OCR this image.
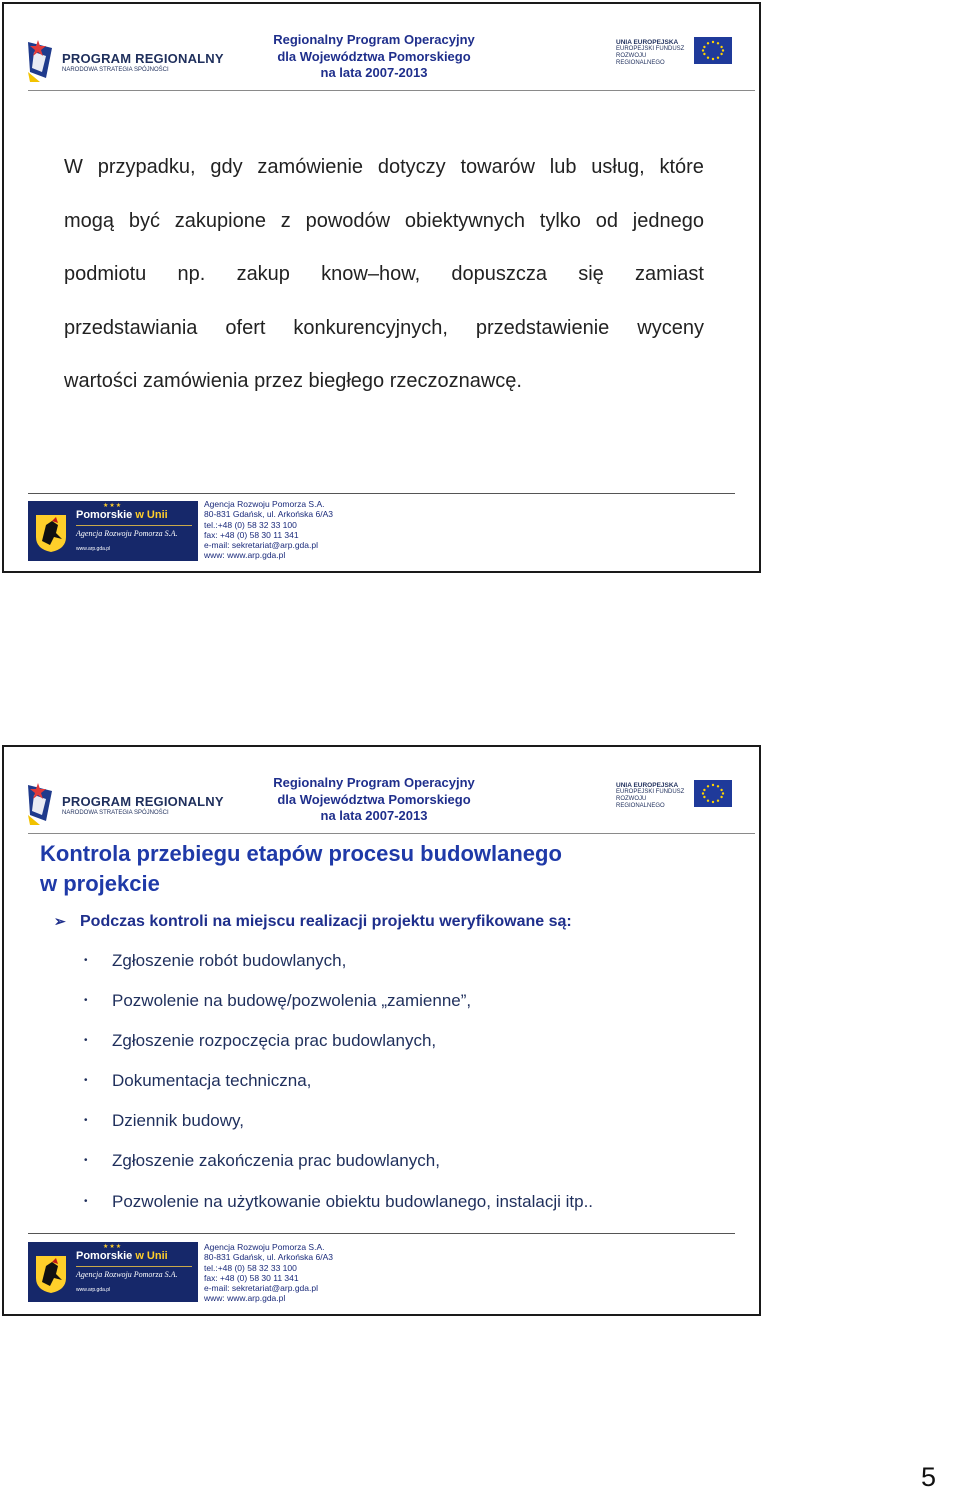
PROGRAM REGIONALNY
NARODOWA STRATEGIA SPÓJNOŚCI
Regionalny Program Operacyjny
dla Województwa Pomorskiego
na lata 2007-2013
UNIA EUROPEJSKA
EUROPEJSKI FUNDUSZ
ROZWOJU REGIONALNEGO
W przypadku, gdy zamówienie dotyczy towarów lub usług, które
mogą być zakupione z powodów obiektywnych tylko od jednego
podmiotu np. zakup know–how, dopuszcza się zamiast
przedstawiania ofert konkurencyjnych, przedstawienie wyceny
wartości zamówienia przez biegłego rzeczoznawcę.
★★★
Pomorskie w Unii
Agencja Rozwoju Pomorza S.A.
www.arp.gda.pl
Agencja Rozwoju Pomorza S.A.
80-831 Gdańsk, ul. Arkońska 6/A3
tel.:+48 (0) 58 32 33 100
fax: +48 (0) 58 30 11 341
e-mail: sekretariat@arp.gda.pl
www: www.arp.gda.pl
PROGRAM REGIONALNY
NARODOWA STRATEGIA SPÓJNOŚCI
Regionalny Program Operacyjny
dla Województwa Pomorskiego
na lata 2007-2013
UNIA EUROPEJSKA
EUROPEJSKI FUNDUSZ
ROZWOJU REGIONALNEGO
Kontrola przebiegu etapów procesu budowlanego
w projekcie
➢ Podczas kontroli na miejscu realizacji projektu weryfikowane są:
•	Zgłoszenie robót budowlanych,
•	Pozwolenie na budowę/pozwolenia „zamienne”,
•	Zgłoszenie rozpoczęcia prac budowlanych,
•	Dokumentacja techniczna,
•	Dziennik budowy,
•	Zgłoszenie zakończenia prac budowlanych,
•	Pozwolenie na użytkowanie obiektu budowlanego, instalacji itp..
★★★
Pomorskie w Unii
Agencja Rozwoju Pomorza S.A.
www.arp.gda.pl
Agencja Rozwoju Pomorza S.A.
80-831 Gdańsk, ul. Arkońska 6/A3
tel.:+48 (0) 58 32 33 100
fax: +48 (0) 58 30 11 341
e-mail: sekretariat@arp.gda.pl
www: www.arp.gda.pl
5
